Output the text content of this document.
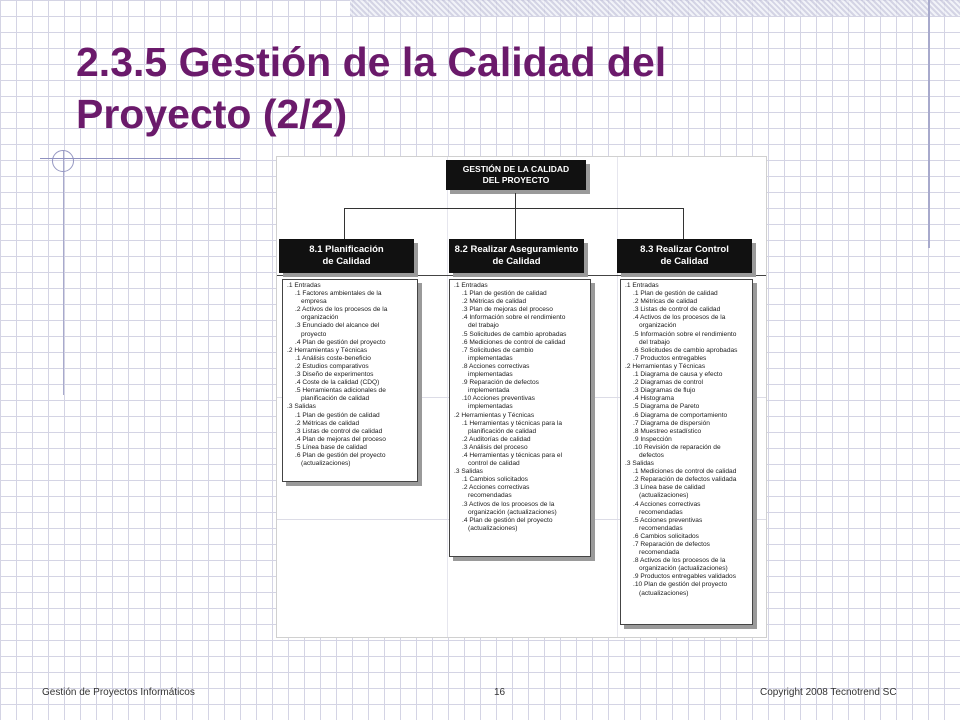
2.3.5 Gestión de la Calidad del
Proyecto (2/2)
GESTIÓN DE LA CALIDAD
DEL PROYECTO
8.1 Planificación
de Calidad
8.2 Realizar Aseguramiento
de Calidad
8.3 Realizar Control
de Calidad
.1 Entradas
.1 Factores ambientales de la
empresa
.2 Activos de los procesos de la
organización
.3 Enunciado del alcance del
proyecto
.4 Plan de gestión del proyecto
.2 Herramientas y Técnicas
.1 Análisis coste-beneficio
.2 Estudios comparativos
.3 Diseño de experimentos
.4 Coste de la calidad (CDQ)
.5 Herramientas adicionales de
planificación de calidad
.3 Salidas
.1 Plan de gestión de calidad
.2 Métricas de calidad
.3 Listas de control de calidad
.4 Plan de mejoras del proceso
.5 Línea base de calidad
.6 Plan de gestión del proyecto
(actualizaciones)
.1 Entradas
.1 Plan de gestión de calidad
.2 Métricas de calidad
.3 Plan de mejoras del proceso
.4 Información sobre el rendimiento
del trabajo
.5 Solicitudes de cambio aprobadas
.6 Mediciones de control de calidad
.7 Solicitudes de cambio
implementadas
.8 Acciones correctivas
implementadas
.9 Reparación de defectos
implementada
.10 Acciones preventivas
implementadas
.2 Herramientas y Técnicas
.1 Herramientas y técnicas para la
planificación de calidad
.2 Auditorías de calidad
.3 Análisis del proceso
.4 Herramientas y técnicas para el
control de calidad
.3 Salidas
.1 Cambios solicitados
.2 Acciones correctivas
recomendadas
.3 Activos de los procesos de la
organización (actualizaciones)
.4 Plan de gestión del proyecto
(actualizaciones)
.1 Entradas
.1 Plan de gestión de calidad
.2 Métricas de calidad
.3 Listas de control de calidad
.4 Activos de los procesos de la
organización
.5 Información sobre el rendimiento
del trabajo
.6 Solicitudes de cambio aprobadas
.7 Productos entregables
.2 Herramientas y Técnicas
.1 Diagrama de causa y efecto
.2 Diagramas de control
.3 Diagramas de flujo
.4 Histograma
.5 Diagrama de Pareto
.6 Diagrama de comportamiento
.7 Diagrama de dispersión
.8 Muestreo estadístico
.9 Inspección
.10 Revisión de reparación de
defectos
.3 Salidas
.1 Mediciones de control de calidad
.2 Reparación de defectos validada
.3 Línea base de calidad
(actualizaciones)
.4 Acciones correctivas
recomendadas
.5 Acciones preventivas
recomendadas
.6 Cambios solicitados
.7 Reparación de defectos
recomendada
.8 Activos de los procesos de la
organización (actualizaciones)
.9 Productos entregables validados
.10 Plan de gestión del proyecto
(actualizaciones)
Gestión de Proyectos Informáticos	16	Copyright 2008 Tecnotrend SC
